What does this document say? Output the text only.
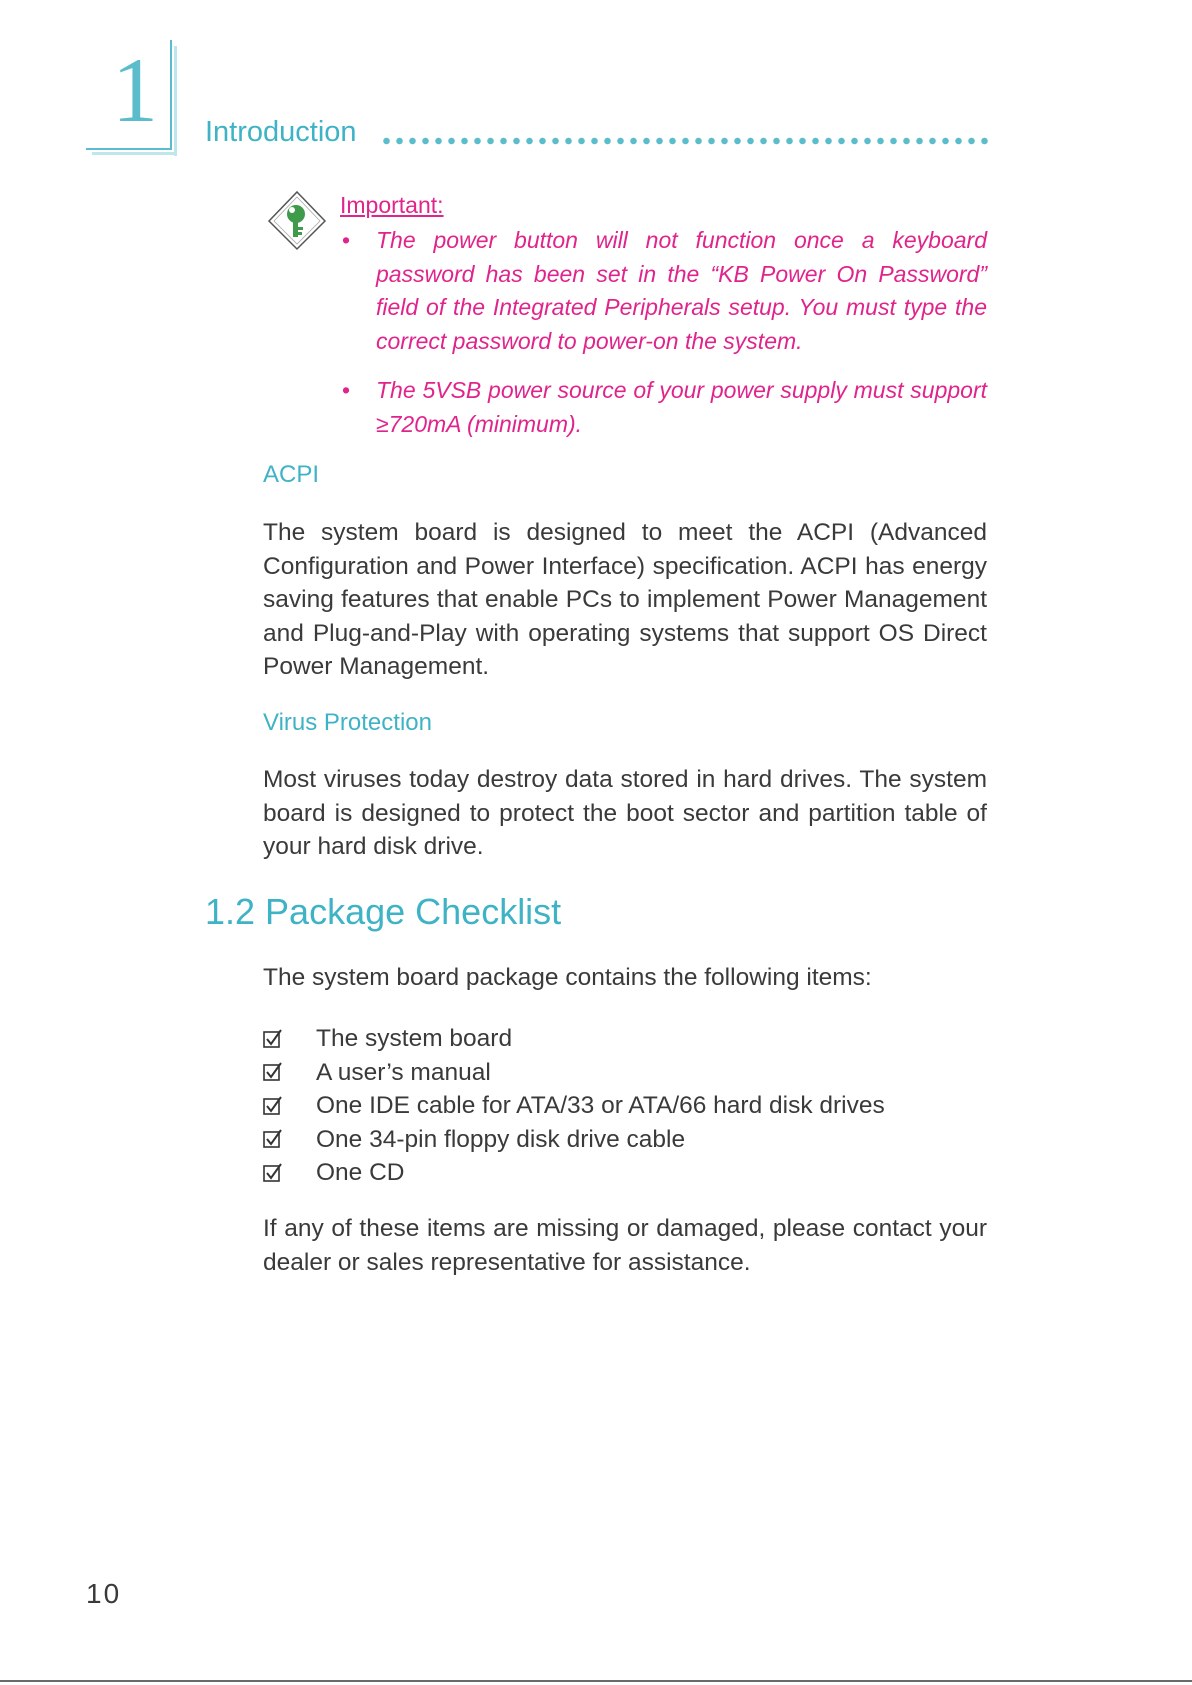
1 Introduction
Important:
• The power button will not function once a keyboard password has been set in the “KB Power On Password” field of the Integrated Peripherals setup. You must type the correct password to power-on the system.
• The 5VSB power source of your power supply must support ≥720mA (minimum).
ACPI
The system board is designed to meet the ACPI (Advanced Configuration and Power Interface) specification. ACPI has energy saving features that enable PCs to implement Power Management and Plug-and-Play with operating systems that support OS Direct Power Management.
Virus Protection
Most viruses today destroy data stored in hard drives. The system board is designed to protect the boot sector and partition table of your hard disk drive.
1.2 Package Checklist
The system board package contains the following items:
The system board
A user’s manual
One IDE cable for ATA/33 or ATA/66 hard disk drives
One 34-pin floppy disk drive cable
One CD
If any of these items are missing or damaged, please contact your dealer or sales representative for assistance.
10
